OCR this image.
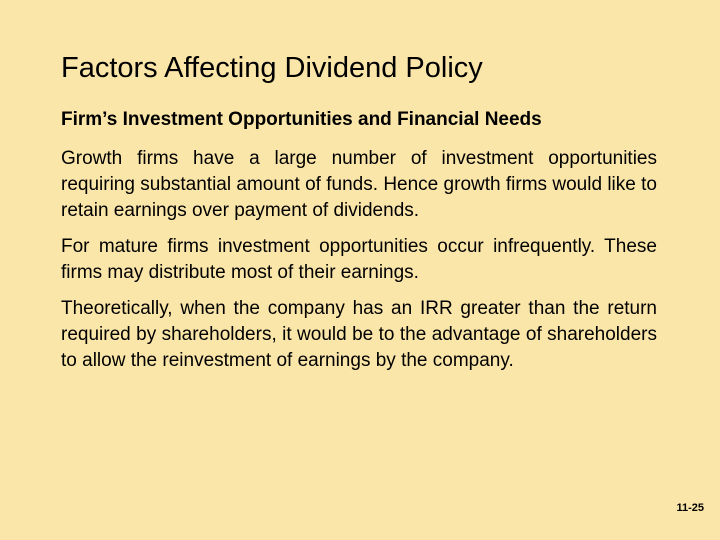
Factors Affecting Dividend Policy
Firm’s Investment Opportunities and Financial Needs

Growth firms have a large number of investment opportunities requiring substantial amount of funds. Hence growth firms would like to retain earnings over payment of dividends.

For mature firms investment opportunities occur infrequently. These firms may distribute most of their earnings.

Theoretically, when the company has an IRR greater than the return required by shareholders, it would be to the advantage of shareholders to allow the reinvestment of earnings by the company.

11-25
